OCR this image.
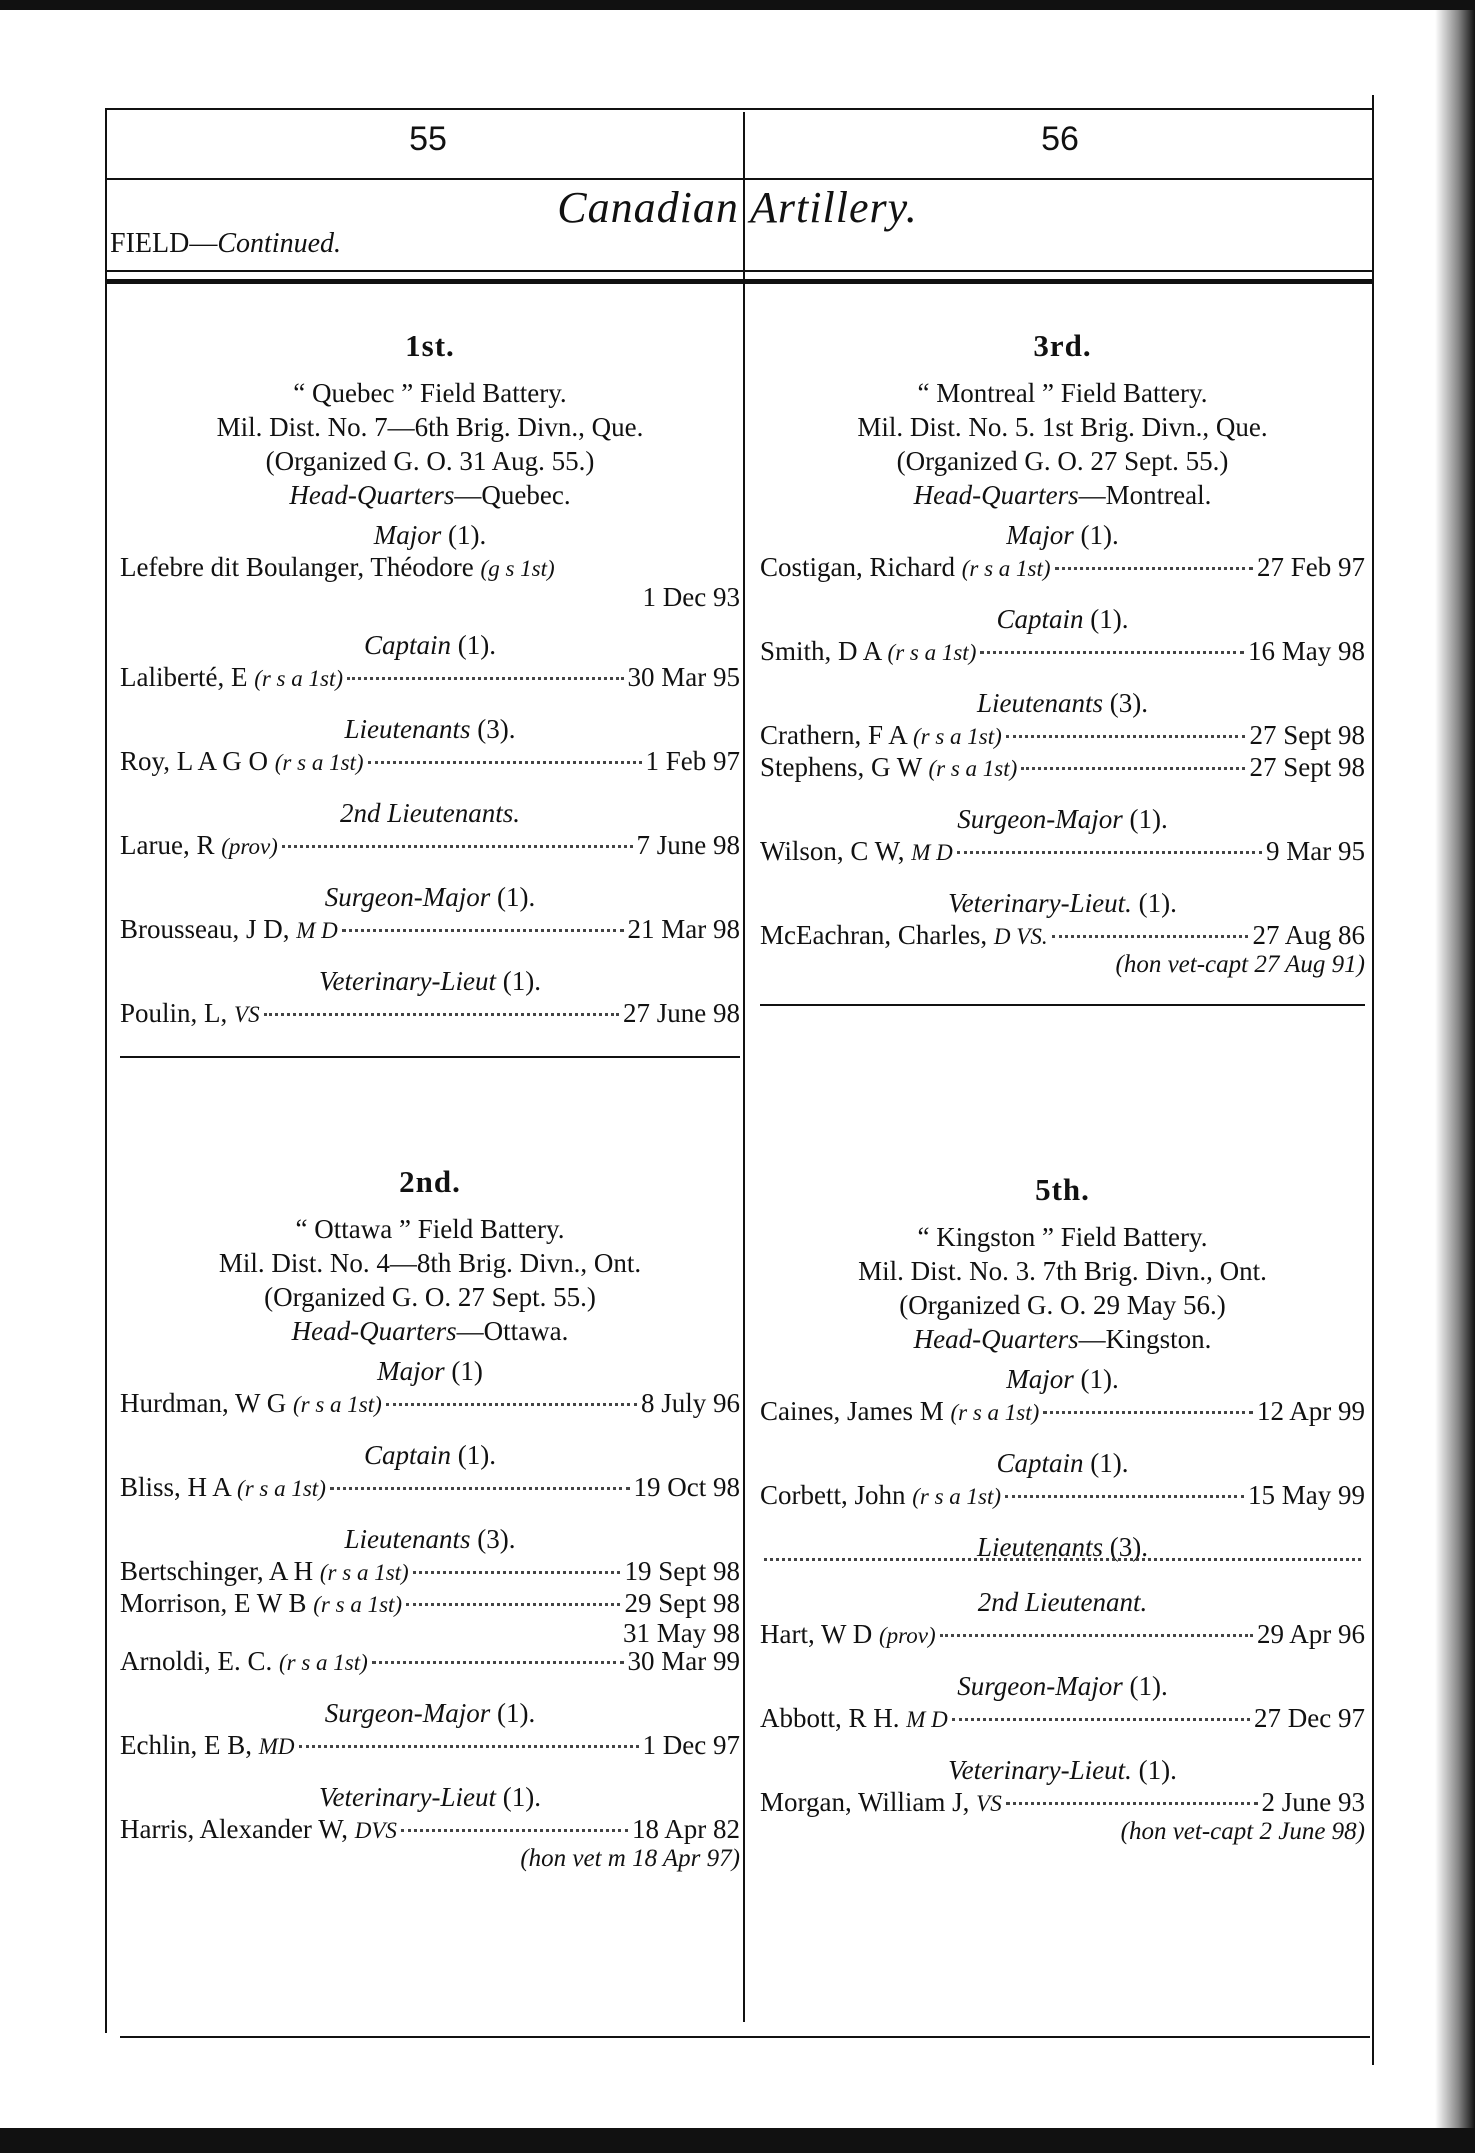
55	56
Canadian Artillery.
FIELD—Continued.
1st.
“ Quebec ” Field Battery.
Mil. Dist. No. 7—6th Brig. Divn., Que.
(Organized G. O. 31 Aug. 55.)
Head-Quarters—Quebec.
Major (1).
Lefebre dit Boulanger, Théodore (g s 1st)
1 Dec 93
Captain (1).
Laliberté, E (r s a 1st)	30 Mar 95
Lieutenants (3).
Roy, L A G O (r s a 1st)	1 Feb 97
2nd Lieutenants.
Larue, R (prov)	7 June 98
Surgeon-Major (1).
Brousseau, J D, M D	21 Mar 98
Veterinary-Lieut (1).
Poulin, L, VS	27 June 98
2nd.
“ Ottawa ” Field Battery.
Mil. Dist. No. 4—8th Brig. Divn., Ont.
(Organized G. O. 27 Sept. 55.)
Head-Quarters—Ottawa.
Major (1)
Hurdman, W G (r s a 1st)	8 July 96
Captain (1).
Bliss, H A (r s a 1st)	19 Oct 98
Lieutenants (3).
Bertschinger, A H (r s a 1st)	19 Sept 98
Morrison, E W B (r s a 1st)	29 Sept 98
31 May 98
Arnoldi, E. C. (r s a 1st)	30 Mar 99
Surgeon-Major (1).
Echlin, E B, MD	1 Dec 97
Veterinary-Lieut (1).
Harris, Alexander W, DVS	18 Apr 82
(hon vet m 18 Apr 97)
3rd.
“ Montreal ” Field Battery.
Mil. Dist. No. 5. 1st Brig. Divn., Que.
(Organized G. O. 27 Sept. 55.)
Head-Quarters—Montreal.
Major (1).
Costigan, Richard (r s a 1st)	27 Feb 97
Captain (1).
Smith, D A (r s a 1st)	16 May 98
Lieutenants (3).
Crathern, F A (r s a 1st)	27 Sept 98
Stephens, G W (r s a 1st)	27 Sept 98
Surgeon-Major (1).
Wilson, C W, M D	9 Mar 95
Veterinary-Lieut. (1).
McEachran, Charles, D VS.	27 Aug 86
(hon vet-capt 27 Aug 91)
5th.
“ Kingston ” Field Battery.
Mil. Dist. No. 3. 7th Brig. Divn., Ont.
(Organized G. O. 29 May 56.)
Head-Quarters—Kingston.
Major (1).
Caines, James M (r s a 1st)	12 Apr 99
Captain (1).
Corbett, John (r s a 1st)	15 May 99
Lieutenants (3).
2nd Lieutenant.
Hart, W D (prov)	29 Apr 96
Surgeon-Major (1).
Abbott, R H. M D	27 Dec 97
Veterinary-Lieut. (1).
Morgan, William J, VS	2 June 93
(hon vet-capt 2 June 98)
